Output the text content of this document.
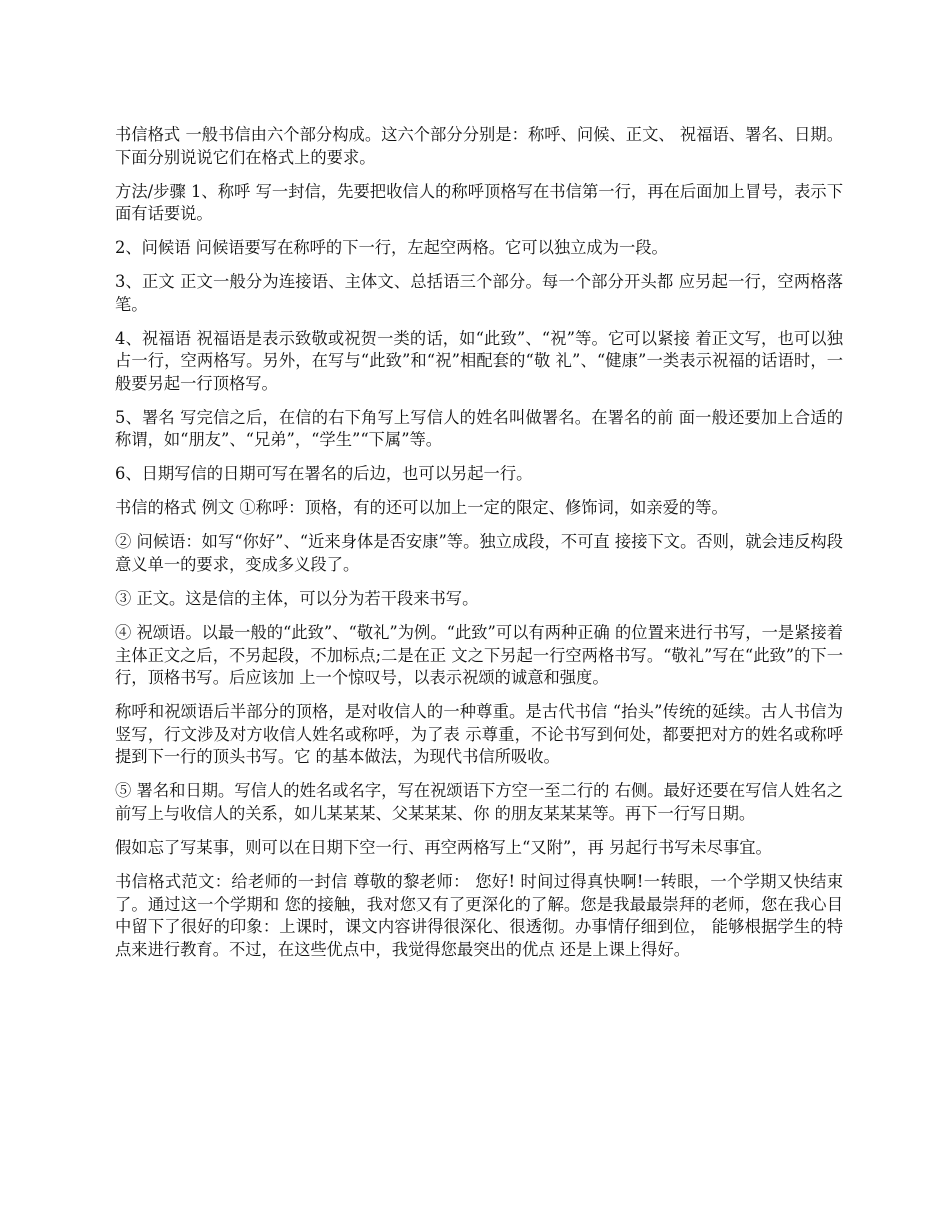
书信格式 一般书信由六个部分构成。这六个部分分别是：称呼、问候、正文、 祝福语、署名、日期。下面分别说说它们在格式上的要求。

方法/步骤 1、称呼 写一封信，先要把收信人的称呼顶格写在书信第一行，再在后面加上冒号，表示下面有话要说。

2、问候语 问候语要写在称呼的下一行，左起空两格。它可以独立成为一段。

3、正文 正文一般分为连接语、主体文、总括语三个部分。每一个部分开头都 应另起一行，空两格落笔。

4、祝福语 祝福语是表示致敬或祝贺一类的话，如“此致”、“祝”等。它可以紧接 着正文写，也可以独占一行，空两格写。另外，在写与“此致”和“祝”相配套的“敬 礼”、“健康”一类表示祝福的话语时，一般要另起一行顶格写。

5、署名 写完信之后，在信的右下角写上写信人的姓名叫做署名。在署名的前 面一般还要加上合适的称谓，如“朋友”、“兄弟”，“学生”“下属”等。

6、日期写信的日期可写在署名的后边，也可以另起一行。

书信的格式 例文 ①称呼：顶格，有的还可以加上一定的限定、修饰词，如亲爱的等。

② 问候语：如写“你好”、“近来身体是否安康”等。独立成段，不可直 接接下文。否则，就会违反构段意义单一的要求，变成多义段了。

③ 正文。这是信的主体，可以分为若干段来书写。

④ 祝颂语。以最一般的“此致”、“敬礼”为例。“此致”可以有两种正确 的位置来进行书写，一是紧接着主体正文之后，不另起段，不加标点;二是在正 文之下另起一行空两格书写。“敬礼”写在“此致”的下一行，顶格书写。后应该加 上一个惊叹号，以表示祝颂的诚意和强度。

称呼和祝颂语后半部分的顶格，是对收信人的一种尊重。是古代书信 “抬头”传统的延续。古人书信为竖写，行文涉及对方收信人姓名或称呼，为了表 示尊重，不论书写到何处，都要把对方的姓名或称呼提到下一行的顶头书写。它 的基本做法，为现代书信所吸收。

⑤ 署名和日期。写信人的姓名或名字，写在祝颂语下方空一至二行的 右侧。最好还要在写信人姓名之前写上与收信人的关系，如儿某某某、父某某某、你 的朋友某某某等。再下一行写日期。

假如忘了写某事，则可以在日期下空一行、再空两格写上“又附”，再 另起行书写未尽事宜。

书信格式范文：给老师的一封信 尊敬的黎老师： 您好! 时间过得真快啊!一转眼，一个学期又快结束了。通过这一个学期和 您的接触，我对您又有了更深化的了解。您是我最最崇拜的老师，您在我心目中留下了很好的印象：上课时，课文内容讲得很深化、很透彻。办事情仔细到位， 能够根据学生的特点来进行教育。不过，在这些优点中，我觉得您最突出的优点 还是上课上得好。
